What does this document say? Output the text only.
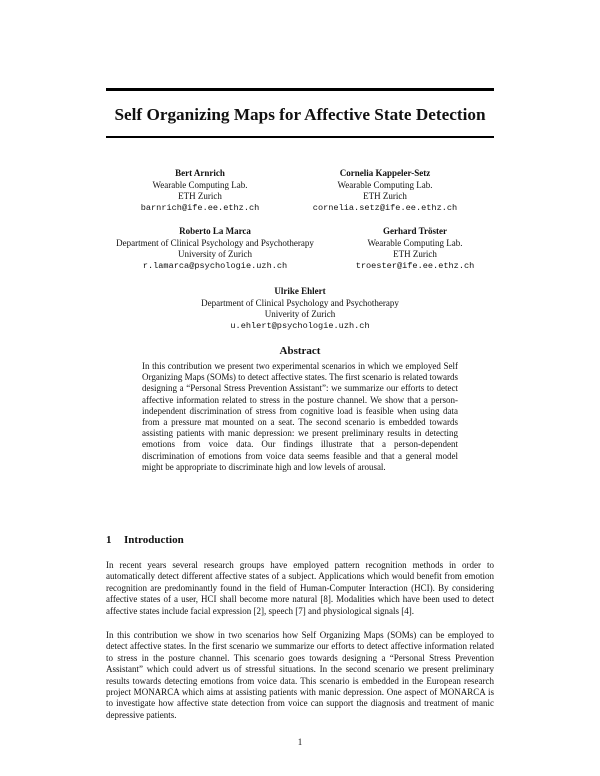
Self Organizing Maps for Affective State Detection
Bert Arnrich
Wearable Computing Lab.
ETH Zurich
barnrich@ife.ee.ethz.ch
Cornelia Kappeler-Setz
Wearable Computing Lab.
ETH Zurich
cornelia.setz@ife.ee.ethz.ch
Roberto La Marca
Department of Clinical Psychology and Psychotherapy
University of Zurich
r.lamarca@psychologie.uzh.ch
Gerhard Tröster
Wearable Computing Lab.
ETH Zurich
troester@ife.ee.ethz.ch
Ulrike Ehlert
Department of Clinical Psychology and Psychotherapy
Univerity of Zurich
u.ehlert@psychologie.uzh.ch
Abstract

In this contribution we present two experimental scenarios in which we employed Self Organizing Maps (SOMs) to detect affective states. The first scenario is related towards designing a “Personal Stress Prevention Assistant”: we summarize our efforts to detect affective information related to stress in the posture channel. We show that a person-independent discrimination of stress from cognitive load is feasible when using data from a pressure mat mounted on a seat. The second scenario is embedded towards assisting patients with manic depression: we present preliminary results in detecting emotions from voice data. Our findings illustrate that a person-dependent discrimination of emotions from voice data seems feasible and that a general model might be appropriate to discriminate high and low levels of arousal.

1 Introduction

In recent years several research groups have employed pattern recognition methods in order to automatically detect different affective states of a subject. Applications which would benefit from emotion recognition are predominantly found in the field of Human-Computer Interaction (HCI). By considering affective states of a user, HCI shall become more natural [8]. Modalities which have been used to detect affective states include facial expression [2], speech [7] and physiological signals [4].

In this contribution we show in two scenarios how Self Organizing Maps (SOMs) can be employed to detect affective states. In the first scenario we summarize our efforts to detect affective information related to stress in the posture channel. This scenario goes towards designing a “Personal Stress Prevention Assistant” which could advert us of stressful situations. In the second scenario we present preliminary results towards detecting emotions from voice data. This scenario is embedded in the European research project MONARCA which aims at assisting patients with manic depression. One aspect of MONARCA is to investigate how affective state detection from voice can support the diagnosis and treatment of manic depressive patients.

1
